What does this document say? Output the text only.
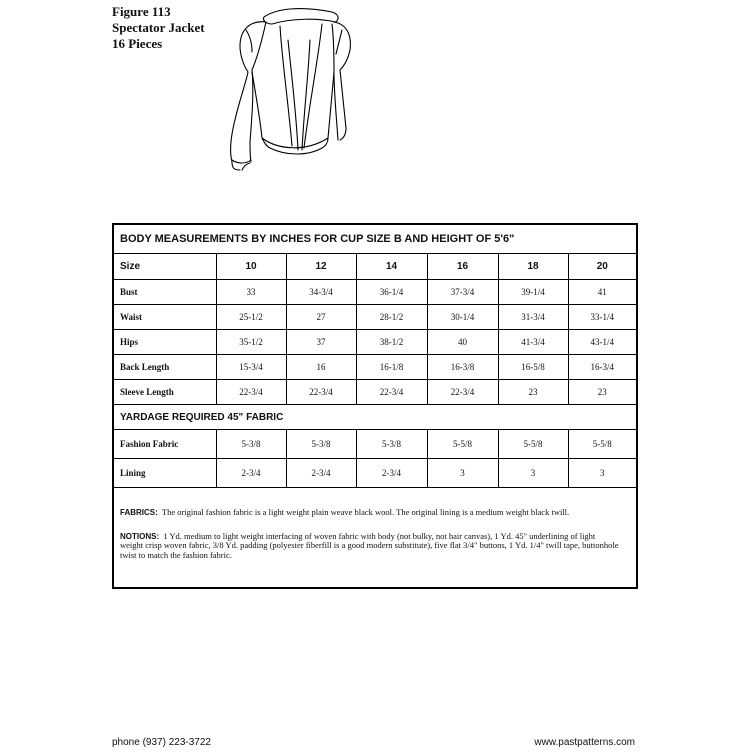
Figure 113
Spectator Jacket
16 Pieces
BODY MEASUREMENTS BY INCHES FOR CUP SIZE B AND HEIGHT OF 5'6"						
Size	10	12	14	16	18	20
Bust	33	34-3/4	36-1/4	37-3/4	39-1/4	41
Waist	25-1/2	27	28-1/2	30-1/4	31-3/4	33-1/4
Hips	35-1/2	37	38-1/2	40	41-3/4	43-1/4
Back Length	15-3/4	16	16-1/8	16-3/8	16-5/8	16-3/4
Sleeve Length	22-3/4	22-3/4	22-3/4	22-3/4	23	23
YARDAGE REQUIRED 45" FABRIC						
Fashion Fabric	5-3/8	5-3/8	5-3/8	5-5/8	5-5/8	5-5/8
Lining	2-3/4	2-3/4	2-3/4	3	3	3

FABRICS: The original fashion fabric is a light weight plain weave black wool. The original lining is a medium weight black twill.

NOTIONS: 1 Yd. medium to light weight interfacing of woven fabric with body (not bulky, not hair canvas), 1 Yd. 45" underlining of light weight crisp woven fabric, 3/8 Yd. padding (polyester fiberfill is a good modern substitute), five flat 3/4" buttons, 1 Yd. 1/4" twill tape, buttonhole twist to match the fashion fabric.

phone (937) 223-3722	www.pastpatterns.com
